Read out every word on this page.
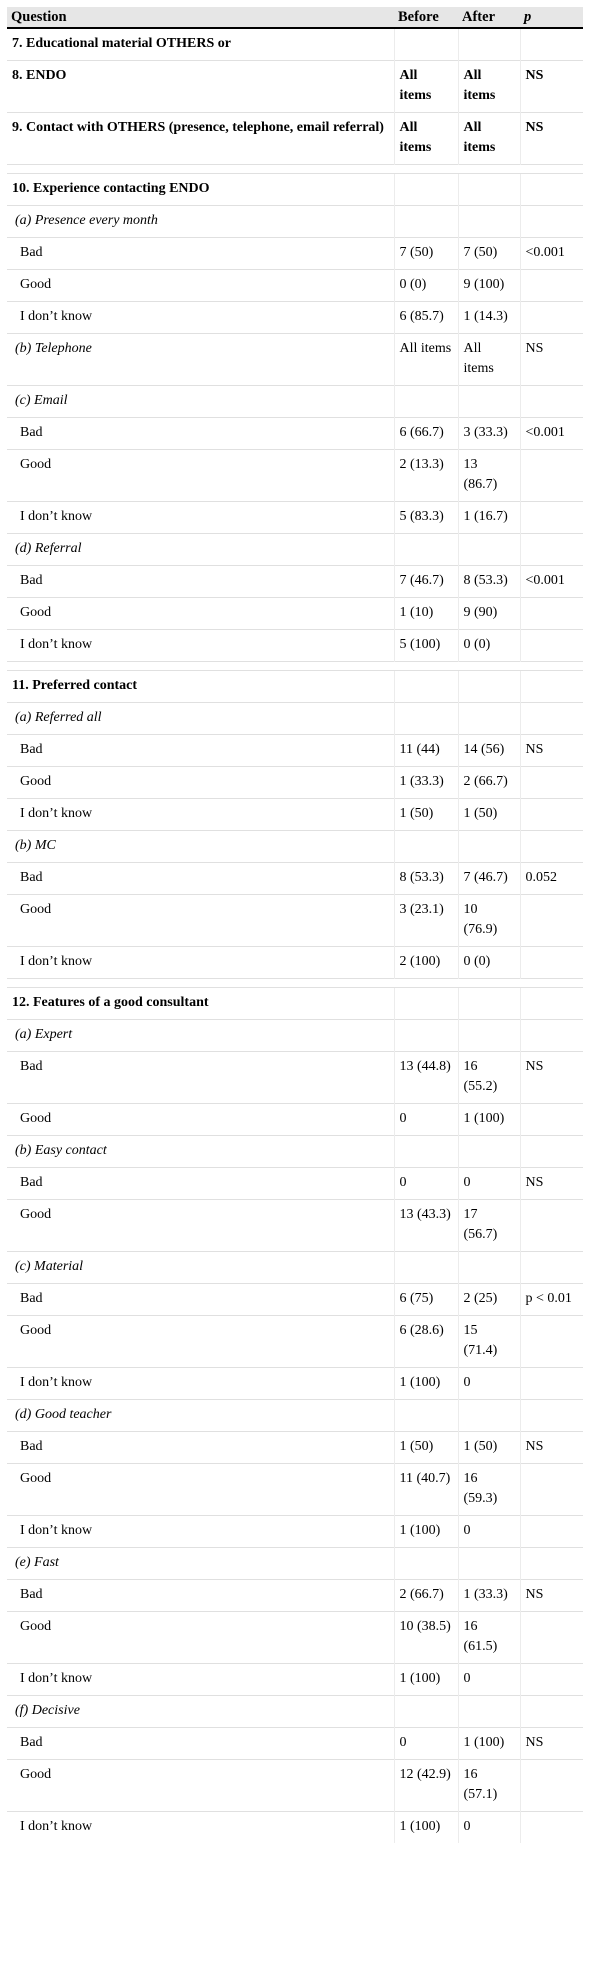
Question	Before	After	p
7. Educational material OTHERS or			
8. ENDO	All items	All items	NS
9. Contact with OTHERS (presence, telephone, email referral)	All items	All items	NS

10. Experience contacting ENDO			
(a) Presence every month			
Bad	7 (50)	7 (50)	<0.001
Good	0 (0)	9 (100)	
I don’t know	6 (85.7)	1 (14.3)	
(b) Telephone	All items	All items	NS
(c) Email			
Bad	6 (66.7)	3 (33.3)	<0.001
Good	2 (13.3)	13 (86.7)	
I don’t know	5 (83.3)	1 (16.7)	
(d) Referral			
Bad	7 (46.7)	8 (53.3)	<0.001
Good	1 (10)	9 (90)	
I don’t know	5 (100)	0 (0)	

11. Preferred contact			
(a) Referred all			
Bad	11 (44)	14 (56)	NS
Good	1 (33.3)	2 (66.7)	
I don’t know	1 (50)	1 (50)	
(b) MC			
Bad	8 (53.3)	7 (46.7)	0.052
Good	3 (23.1)	10 (76.9)	
I don’t know	2 (100)	0 (0)	

12. Features of a good consultant			
(a) Expert			
Bad	13 (44.8)	16 (55.2)	NS
Good	0	1 (100)	
(b) Easy contact			
Bad	0	0	NS
Good	13 (43.3)	17 (56.7)	
(c) Material			
Bad	6 (75)	2 (25)	p < 0.01
Good	6 (28.6)	15 (71.4)	
I don’t know	1 (100)	0	
(d) Good teacher			
Bad	1 (50)	1 (50)	NS
Good	11 (40.7)	16 (59.3)	
I don’t know	1 (100)	0	
(e) Fast			
Bad	2 (66.7)	1 (33.3)	NS
Good	10 (38.5)	16 (61.5)	
I don’t know	1 (100)	0	
(f) Decisive			
Bad	0	1 (100)	NS
Good	12 (42.9)	16 (57.1)	
I don’t know	1 (100)	0	
